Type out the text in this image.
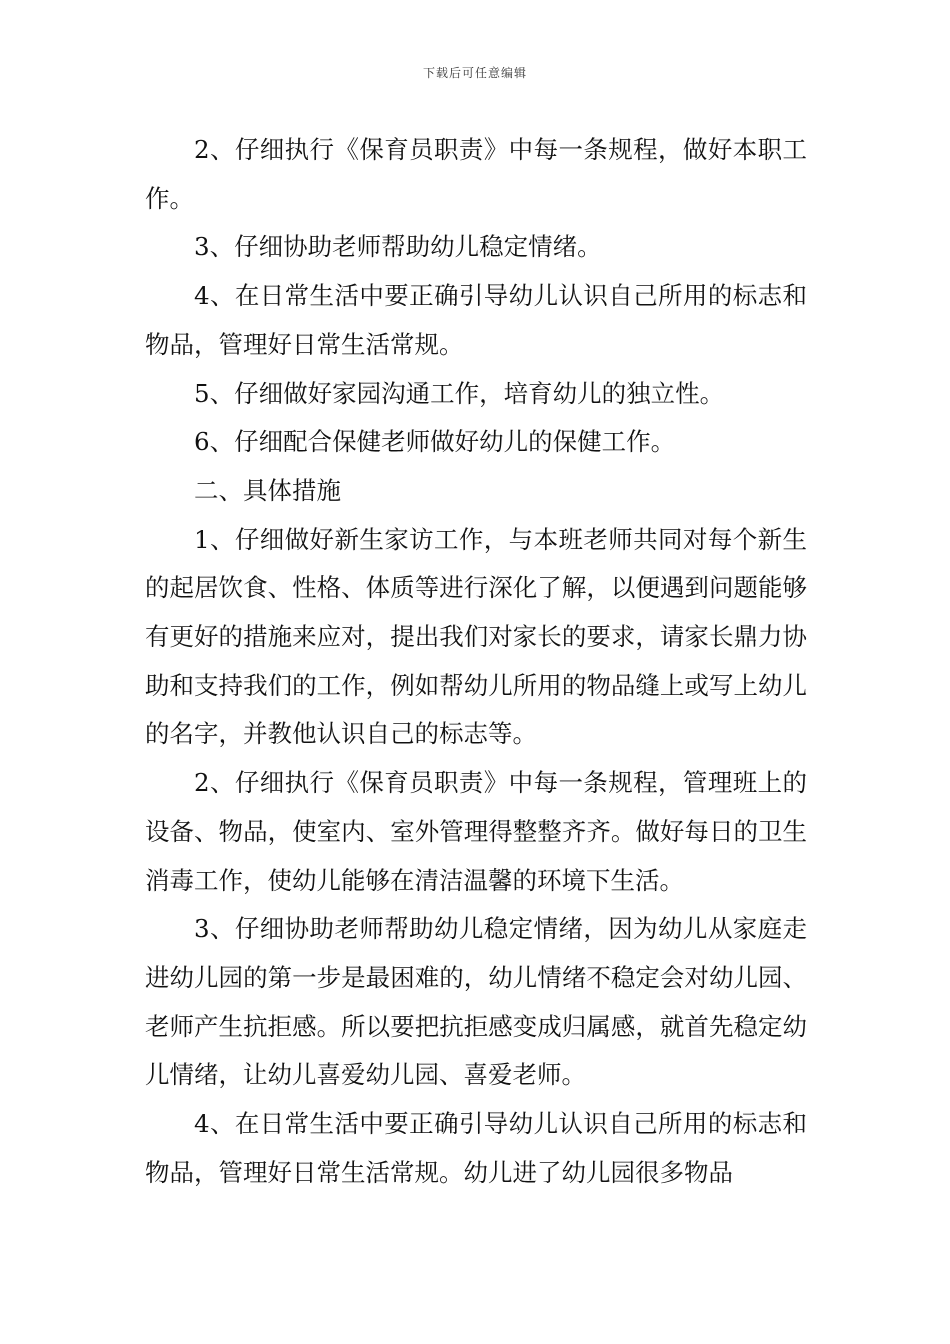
下载后可任意编辑

2、仔细执行《保育员职责》中每一条规程，做好本职工作。

3、仔细协助老师帮助幼儿稳定情绪。

4、在日常生活中要正确引导幼儿认识自己所用的标志和物品，管理好日常生活常规。

5、仔细做好家园沟通工作，培育幼儿的独立性。

6、仔细配合保健老师做好幼儿的保健工作。

二、具体措施

1、仔细做好新生家访工作，与本班老师共同对每个新生的起居饮食、性格、体质等进行深化了解，以便遇到问题能够有更好的措施来应对，提出我们对家长的要求，请家长鼎力协助和支持我们的工作，例如帮幼儿所用的物品缝上或写上幼儿的名字，并教他认识自己的标志等。

2、仔细执行《保育员职责》中每一条规程，管理班上的设备、物品，使室内、室外管理得整整齐齐。做好每日的卫生消毒工作，使幼儿能够在清洁温馨的环境下生活。

3、仔细协助老师帮助幼儿稳定情绪，因为幼儿从家庭走进幼儿园的第一步是最困难的，幼儿情绪不稳定会对幼儿园、老师产生抗拒感。所以要把抗拒感变成归属感，就首先稳定幼儿情绪，让幼儿喜爱幼儿园、喜爱老师。

4、在日常生活中要正确引导幼儿认识自己所用的标志和物品，管理好日常生活常规。幼儿进了幼儿园很多物品
